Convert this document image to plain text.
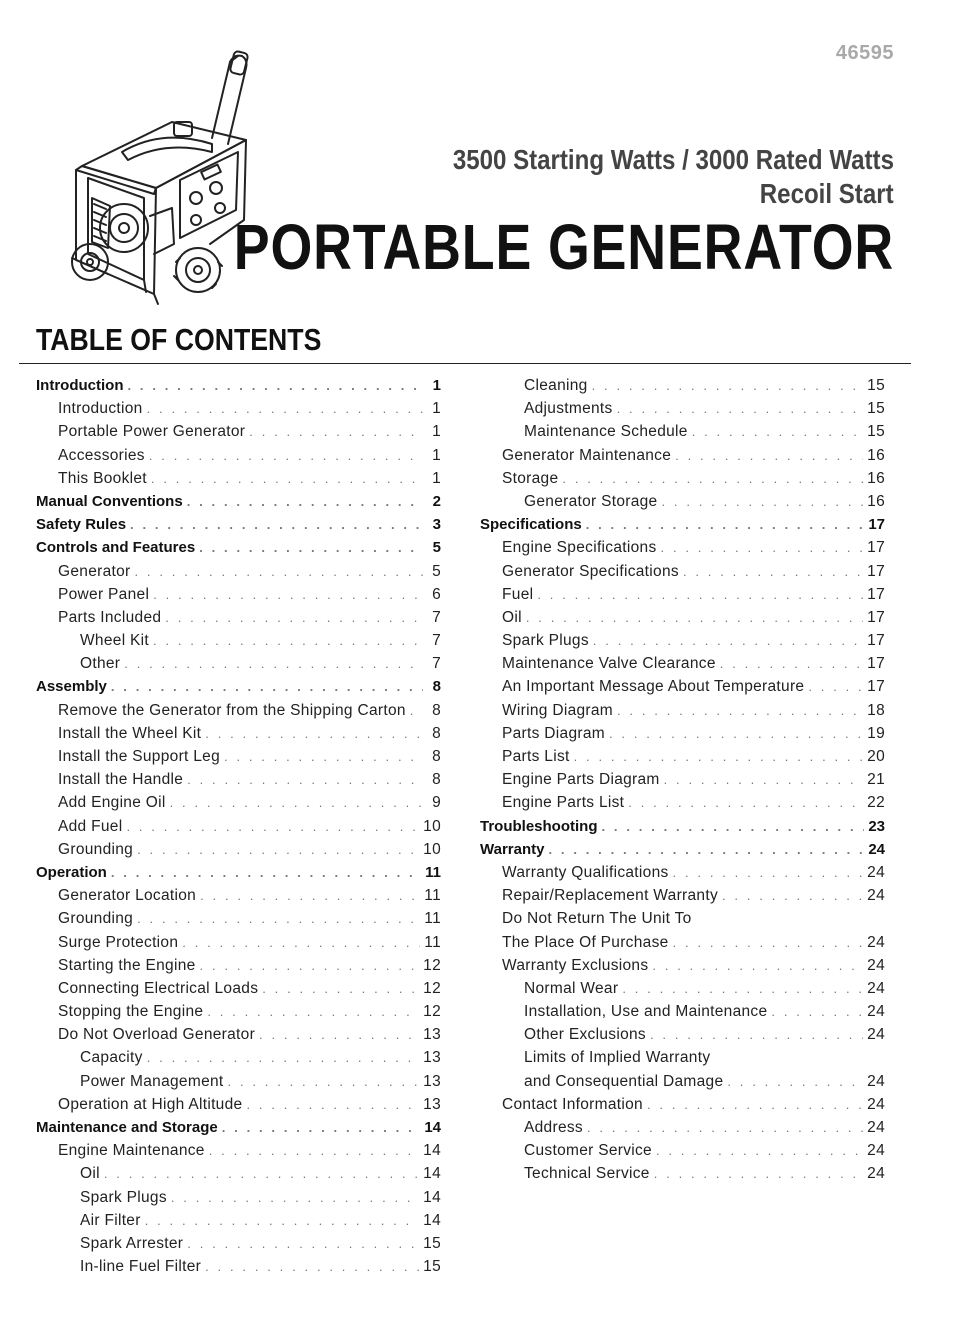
46595
3500 Starting Watts / 3000 Rated Watts
Recoil Start
PORTABLE GENERATOR
TABLE OF CONTENTS
Introduction . . .	1
Introduction . . .	1
Portable Power Generator . . .	1
Accessories . . .	1
This Booklet . . .	1
Manual Conventions . . .	2
Safety Rules . . .	3
Controls and Features . . .	5
Generator . . .	5
Power Panel . . .	6
Parts Included . . .	7
Wheel Kit . . .	7
Other . . .	7
Assembly . . .	8
Remove the Generator from the Shipping Carton . . .	8
Install the Wheel Kit . . .	8
Install the Support Leg . . .	8
Install the Handle . . .	8
Add Engine Oil . . .	9
Add Fuel . . .	10
Grounding . . .	10
Operation . . .	11
Generator Location . . .	11
Grounding . . .	11
Surge Protection . . .	11
Starting the Engine . . .	12
Connecting Electrical Loads . . .	12
Stopping the Engine . . .	12
Do Not Overload Generator . . .	13
Capacity . . .	13
Power Management . . .	13
Operation at High Altitude . . .	13
Maintenance and Storage . . .	14
Engine Maintenance . . .	14
Oil . . .	14
Spark Plugs . . .	14
Air Filter . . .	14
Spark Arrester . . .	15
In-line Fuel Filter . . .	15
Cleaning . . .	15
Adjustments . . .	15
Maintenance Schedule . . .	15
Generator Maintenance . . .	16
Storage . . .	16
Generator Storage . . .	16
Specifications . . .	17
Engine Specifications . . .	17
Generator Specifications . . .	17
Fuel . . .	17
Oil . . .	17
Spark Plugs . . .	17
Maintenance Valve Clearance . . .	17
An Important Message About Temperature . . .	17
Wiring Diagram . . .	18
Parts Diagram . . .	19
Parts List . . .	20
Engine Parts Diagram . . .	21
Engine Parts List . . .	22
Troubleshooting . . .	23
Warranty . . .	24
Warranty Qualifications . . .	24
Repair/Replacement Warranty . . .	24
Do Not Return The Unit To
The Place Of Purchase . . .	24
Warranty Exclusions . . .	24
Normal Wear . . .	24
Installation, Use and Maintenance . . .	24
Other Exclusions . . .	24
Limits of Implied Warranty
and Consequential Damage . . .	24
Contact Information . . .	24
Address . . .	24
Customer Service . . .	24
Technical Service . . .	24
